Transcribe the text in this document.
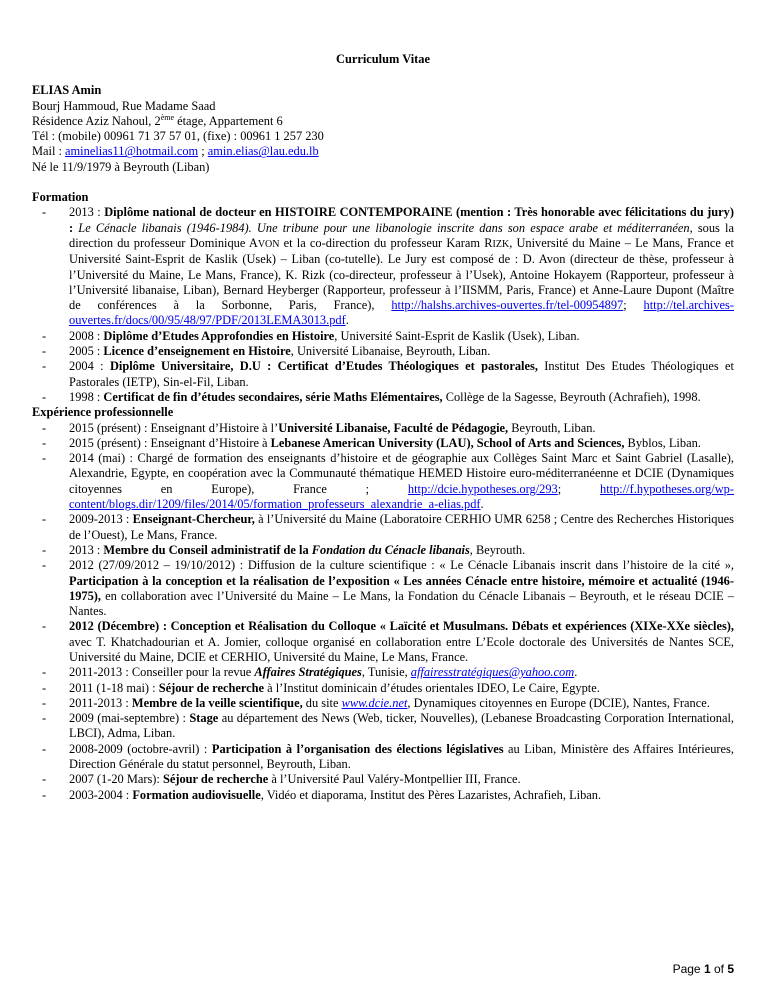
Curriculum Vitae
ELIAS Amin
Bourj Hammoud, Rue Madame Saad
Résidence Aziz Nahoul, 2ème étage, Appartement 6
Tél : (mobile) 00961 71 37 57 01, (fixe) : 00961 1 257 230
Mail : aminelias11@hotmail.com ; amin.elias@lau.edu.lb
Né le 11/9/1979 à Beyrouth (Liban)
Formation
- 2013 : Diplôme national de docteur en HISTOIRE CONTEMPORAINE (mention : Très honorable avec félicitations du jury) : Le Cénacle libanais (1946-1984). Une tribune pour une libanologie inscrite dans son espace arabe et méditerranéen, sous la direction du professeur Dominique AVON et la co-direction du professeur Karam RIZK, Université du Maine – Le Mans, France et Université Saint-Esprit de Kaslik (Usek) – Liban (co-tutelle). Le Jury est composé de : D. Avon (directeur de thèse, professeur à l’Université du Maine, Le Mans, France), K. Rizk (co-directeur, professeur à l’Usek), Antoine Hokayem (Rapporteur, professeur à l’Université libanaise, Liban), Bernard Heyberger (Rapporteur, professeur à l’IISMM, Paris, France) et Anne-Laure Dupont (Maître de conférences à la Sorbonne, Paris, France), http://halshs.archives-ouvertes.fr/tel-00954897; http://tel.archives-ouvertes.fr/docs/00/95/48/97/PDF/2013LEMA3013.pdf.
- 2008 : Diplôme d’Etudes Approfondies en Histoire, Université Saint-Esprit de Kaslik (Usek), Liban.
- 2005 : Licence d’enseignement en Histoire, Université Libanaise, Beyrouth, Liban.
- 2004 : Diplôme Universitaire, D.U : Certificat d’Etudes Théologiques et pastorales, Institut Des Etudes Théologiques et Pastorales (IETP), Sin-el-Fil, Liban.
- 1998 : Certificat de fin d’études secondaires, série Maths Elémentaires, Collège de la Sagesse, Beyrouth (Achrafieh), 1998.
Expérience professionnelle
- 2015 (présent) : Enseignant d’Histoire à l’Université Libanaise, Faculté de Pédagogie, Beyrouth, Liban.
- 2015 (présent) : Enseignant d’Histoire à Lebanese American University (LAU), School of Arts and Sciences, Byblos, Liban.
- 2014 (mai) : Chargé de formation des enseignants d’histoire et de géographie aux Collèges Saint Marc et Saint Gabriel (Lasalle), Alexandrie, Egypte, en coopération avec la Communauté thématique HEMED Histoire euro-méditerranéenne et DCIE (Dynamiques citoyennes en Europe), France ; http://dcie.hypotheses.org/293; http://f.hypotheses.org/wp-content/blogs.dir/1209/files/2014/05/formation_professeurs_alexandrie_a-elias.pdf.
- 2009-2013 : Enseignant-Chercheur, à l’Université du Maine (Laboratoire CERHIO UMR 6258 ; Centre des Recherches Historiques de l’Ouest), Le Mans, France.
- 2013 : Membre du Conseil administratif de la Fondation du Cénacle libanais, Beyrouth.
- 2012 (27/09/2012 – 19/10/2012) : Diffusion de la culture scientifique : « Le Cénacle Libanais inscrit dans l’histoire de la cité », Participation à la conception et la réalisation de l’exposition « Les années Cénacle entre histoire, mémoire et actualité (1946-1975), en collaboration avec l’Université du Maine – Le Mans, la Fondation du Cénacle Libanais – Beyrouth, et le réseau DCIE – Nantes.
- 2012 (Décembre) : Conception et Réalisation du Colloque « Laïcité et Musulmans. Débats et expériences (XIXe-XXe siècles), avec T. Khatchadourian et A. Jomier, colloque organisé en collaboration entre L’Ecole doctorale des Universités de Nantes SCE, Université du Maine, DCIE et CERHIO, Université du Maine, Le Mans, France.
- 2011-2013 : Conseiller pour la revue Affaires Stratégiques, Tunisie, affairesstratégiques@yahoo.com.
- 2011 (1-18 mai) : Séjour de recherche à l’Institut dominicain d’études orientales IDEO, Le Caire, Egypte.
- 2011-2013 : Membre de la veille scientifique, du site www.dcie.net, Dynamiques citoyennes en Europe (DCIE), Nantes, France.
- 2009 (mai-septembre) : Stage au département des News (Web, ticker, Nouvelles), (Lebanese Broadcasting Corporation International, LBCI), Adma, Liban.
- 2008-2009 (octobre-avril) : Participation à l’organisation des élections législatives au Liban, Ministère des Affaires Intérieures, Direction Générale du statut personnel, Beyrouth, Liban.
- 2007 (1-20 Mars): Séjour de recherche à l’Université Paul Valéry-Montpellier III, France.
- 2003-2004 : Formation audiovisuelle, Vidéo et diaporama, Institut des Pères Lazaristes, Achrafieh, Liban.
Page 1 of 5
